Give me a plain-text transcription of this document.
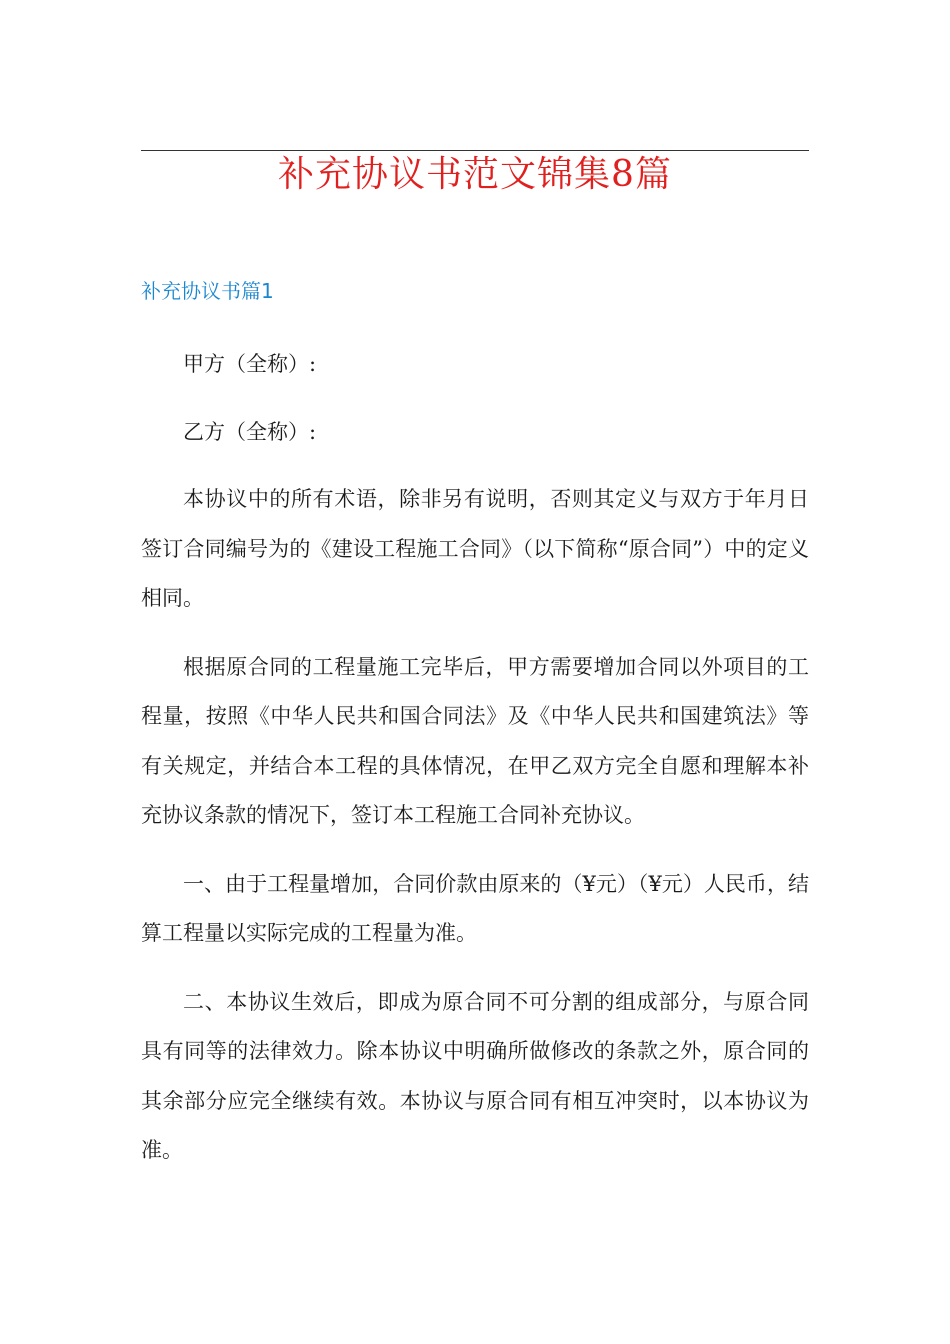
补充协议书范文锦集8篇
补充协议书篇1

甲方（全称）:

乙方（全称）:

本协议中的所有术语，除非另有说明，否则其定义与双方于年月日签订合同编号为的《建设工程施工合同》（以下简称“原合同”）中的定义相同。

根据原合同的工程量施工完毕后，甲方需要增加合同以外项目的工程量，按照《中华人民共和国合同法》及《中华人民共和国建筑法》等有关规定，并结合本工程的具体情况，在甲乙双方完全自愿和理解本补充协议条款的情况下，签订本工程施工合同补充协议。

一、由于工程量增加，合同价款由原来的（¥元）（¥元）人民币，结算工程量以实际完成的工程量为准。

二、本协议生效后，即成为原合同不可分割的组成部分，与原合同具有同等的法律效力。除本协议中明确所做修改的条款之外，原合同的其余部分应完全继续有效。本协议与原合同有相互冲突时，以本协议为准。
